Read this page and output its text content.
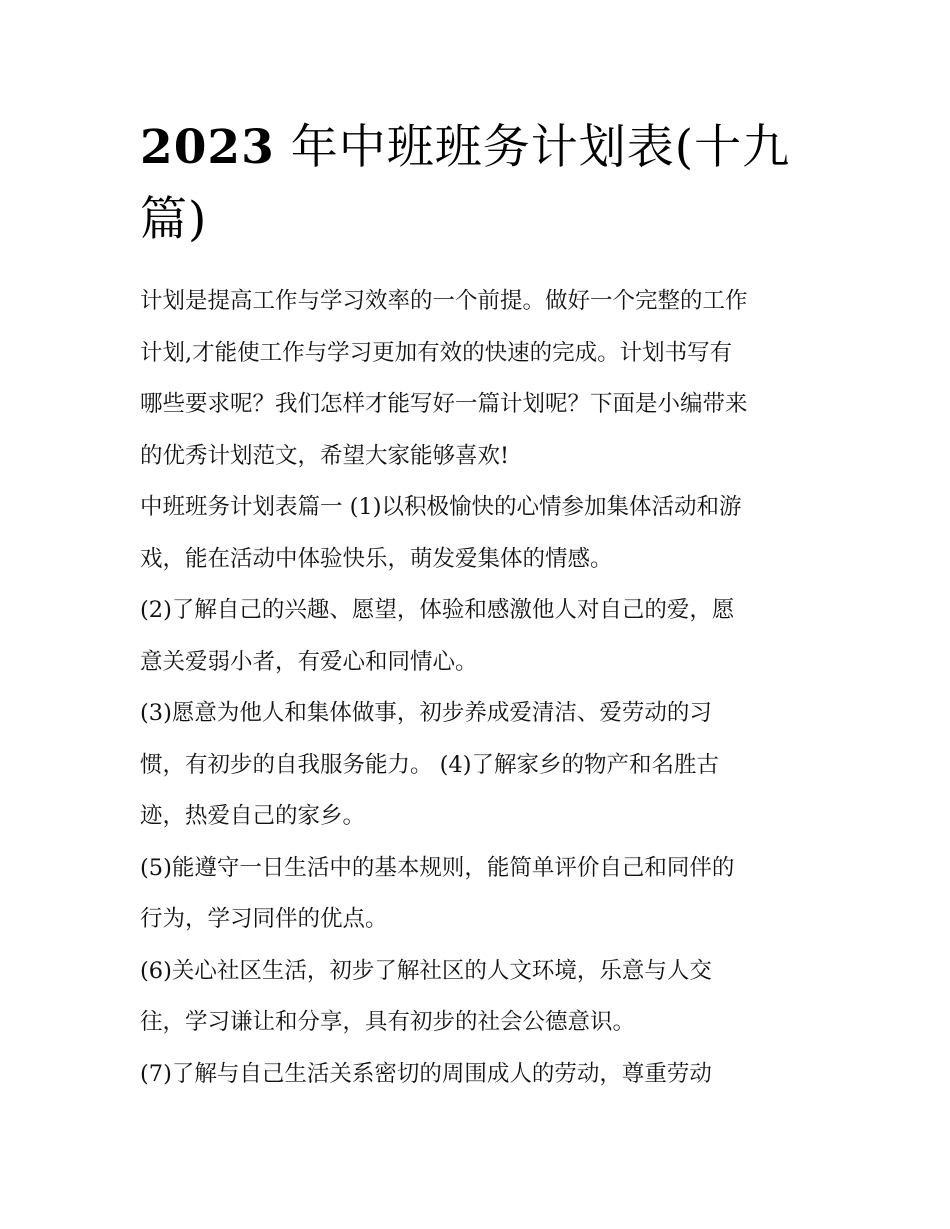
2023 年中班班务计划表(十九
篇)
计划是提高工作与学习效率的一个前提。做好一个完整的工作
计划,才能使工作与学习更加有效的快速的完成。计划书写有
哪些要求呢？我们怎样才能写好一篇计划呢？下面是小编带来
的优秀计划范文，希望大家能够喜欢!
中班班务计划表篇一 (1)以积极愉快的心情参加集体活动和游
戏，能在活动中体验快乐，萌发爱集体的情感。
(2)了解自己的兴趣、愿望，体验和感激他人对自己的爱，愿
意关爱弱小者，有爱心和同情心。
(3)愿意为他人和集体做事，初步养成爱清洁、爱劳动的习
惯，有初步的自我服务能力。 (4)了解家乡的物产和名胜古
迹，热爱自己的家乡。
(5)能遵守一日生活中的基本规则，能简单评价自己和同伴的
行为，学习同伴的优点。
(6)关心社区生活，初步了解社区的人文环境，乐意与人交
往，学习谦让和分享，具有初步的社会公德意识。
(7)了解与自己生活关系密切的周围成人的劳动，尊重劳动
